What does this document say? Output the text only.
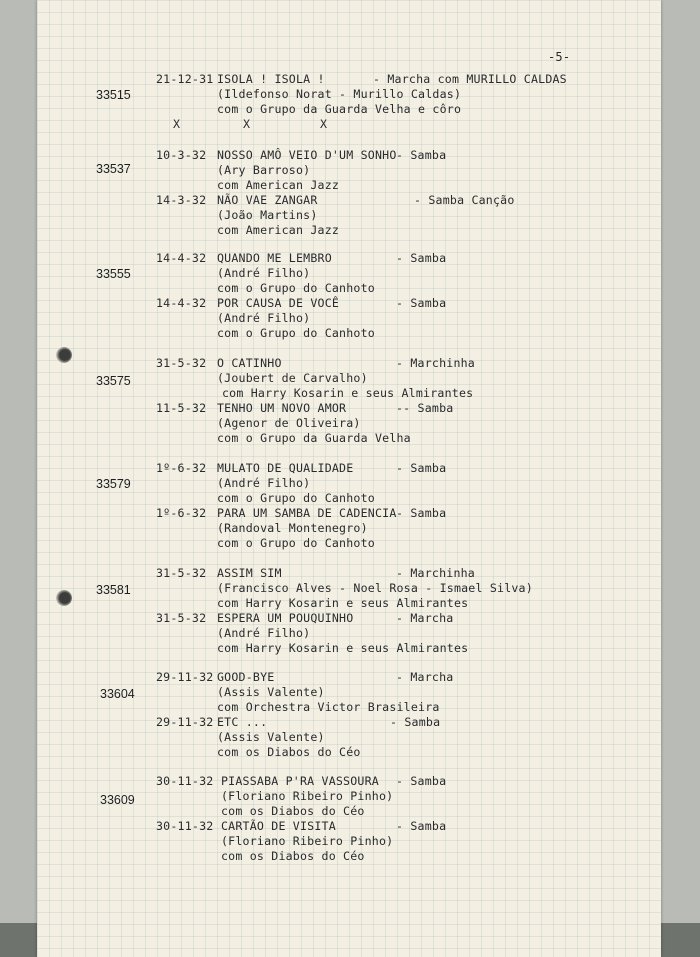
-5-
33515
21-12-31 ISOLA ! ISOLA !	- Marcha com MURILLO CALDAS
(Ildefonso Norat - Murillo Caldas)
com o Grupo da Guarda Velha e côro
X	X	X
33537
10-3-32 NOSSO AMÔ VEIO D'UM SONHO - Samba
(Ary Barroso)
com American Jazz
14-3-32 NÃO VAE ZANGAR	- Samba Canção
(João Martins)
com American Jazz
33555
14-4-32 QUANDO ME LEMBRO	- Samba
(André Filho)
com o Grupo do Canhoto
14-4-32 POR CAUSA DE VOCÊ	- Samba
(André Filho)
com o Grupo do Canhoto
33575
31-5-32 O CATINHO	- Marchinha
(Joubert de Carvalho)
com Harry Kosarin e seus Almirantes
11-5-32 TENHO UM NOVO AMOR	-- Samba
(Agenor de Oliveira)
com o Grupo da Guarda Velha
33579
1º-6-32 MULATO DE QUALIDADE	- Samba
(André Filho)
com o Grupo do Canhoto
1º-6-32 PARA UM SAMBA DE CADENCIA - Samba
(Randoval Montenegro)
com o Grupo do Canhoto
33581
31-5-32 ASSIM SIM	- Marchinha
(Francisco Alves - Noel Rosa - Ismael Silva)
com Harry Kosarin e seus Almirantes
31-5-32 ESPERA UM POUQUINHO	- Marcha
(André Filho)
com Harry Kosarin e seus Almirantes
33604
29-11-32 GOOD-BYE	- Marcha
(Assis Valente)
com Orchestra Victor Brasileira
29-11-32 ETC ...	- Samba
(Assis Valente)
com os Diabos do Céo
33609
30-11-32 PIASSABA P'RA VASSOURA - Samba
(Floriano Ribeiro Pinho)
com os Diabos do Céo
30-11-32 CARTÃO DE VISITA	- Samba
(Floriano Ribeiro Pinho)
com os Diabos do Céo
